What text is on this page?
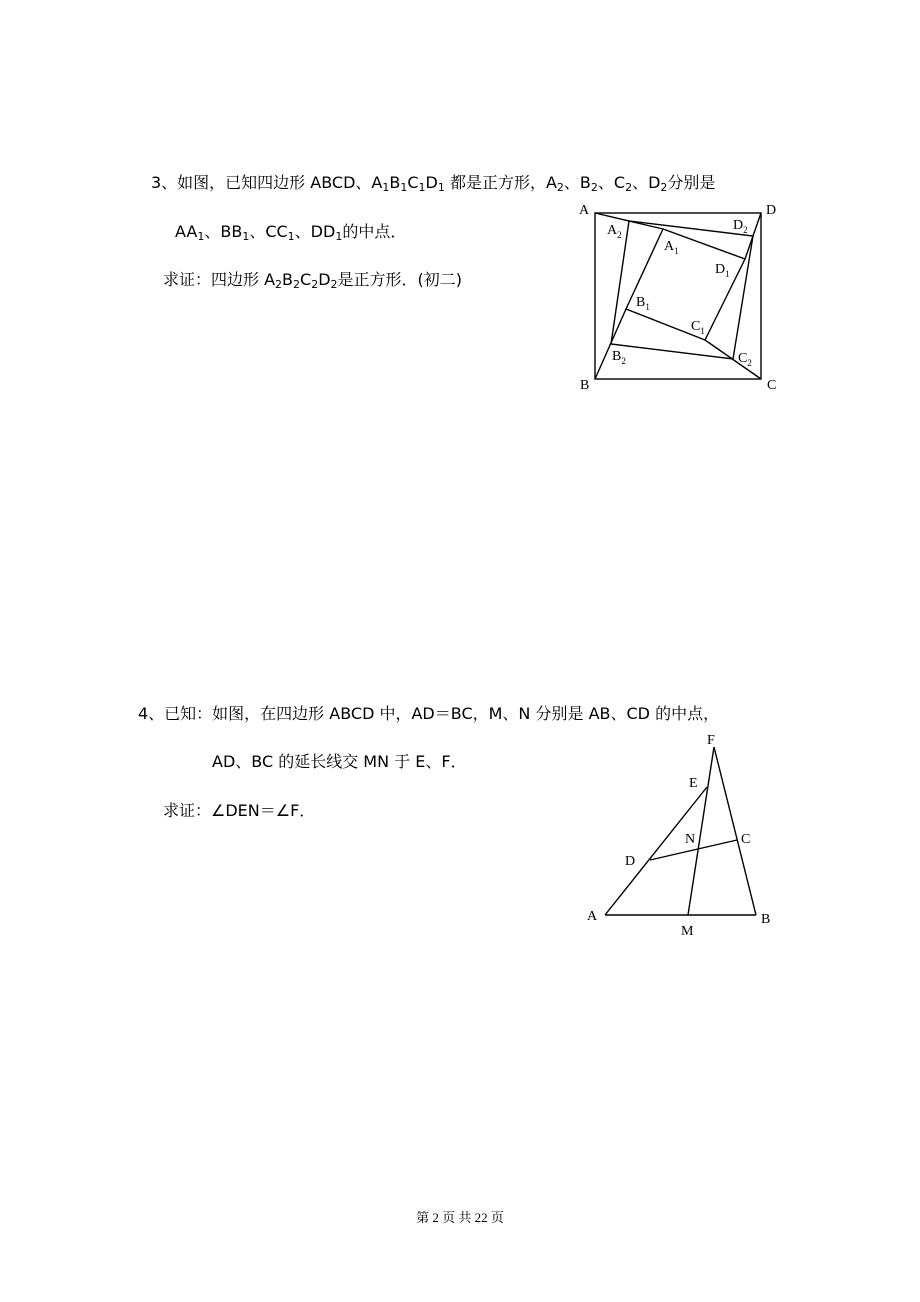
3、如图，已知四边形 ABCD、$A_1B_1C_1D_1$ 都是正方形，$A_2$、$B_2$、$C_2$、$D_2$分别是
$AA_1$、$BB_1$、$CC_1$、$DD_1$的中点．
求证：四边形 $A_2B_2C_2D_2$是正方形．(初二)
A	D
B	C
$A_2$
$D_2$
$A_1$
$D_1$
$B_1$
$C_1$
$B_2$	$C_2$
4、已知：如图，在四边形 ABCD 中，AD＝BC，M、N 分别是 AB、CD 的中点，
AD、BC 的延长线交 MN 于 E、F．
求证：∠DEN＝∠F．
F
E
N	C
D
A	B
M
第 2 页 共 22 页
